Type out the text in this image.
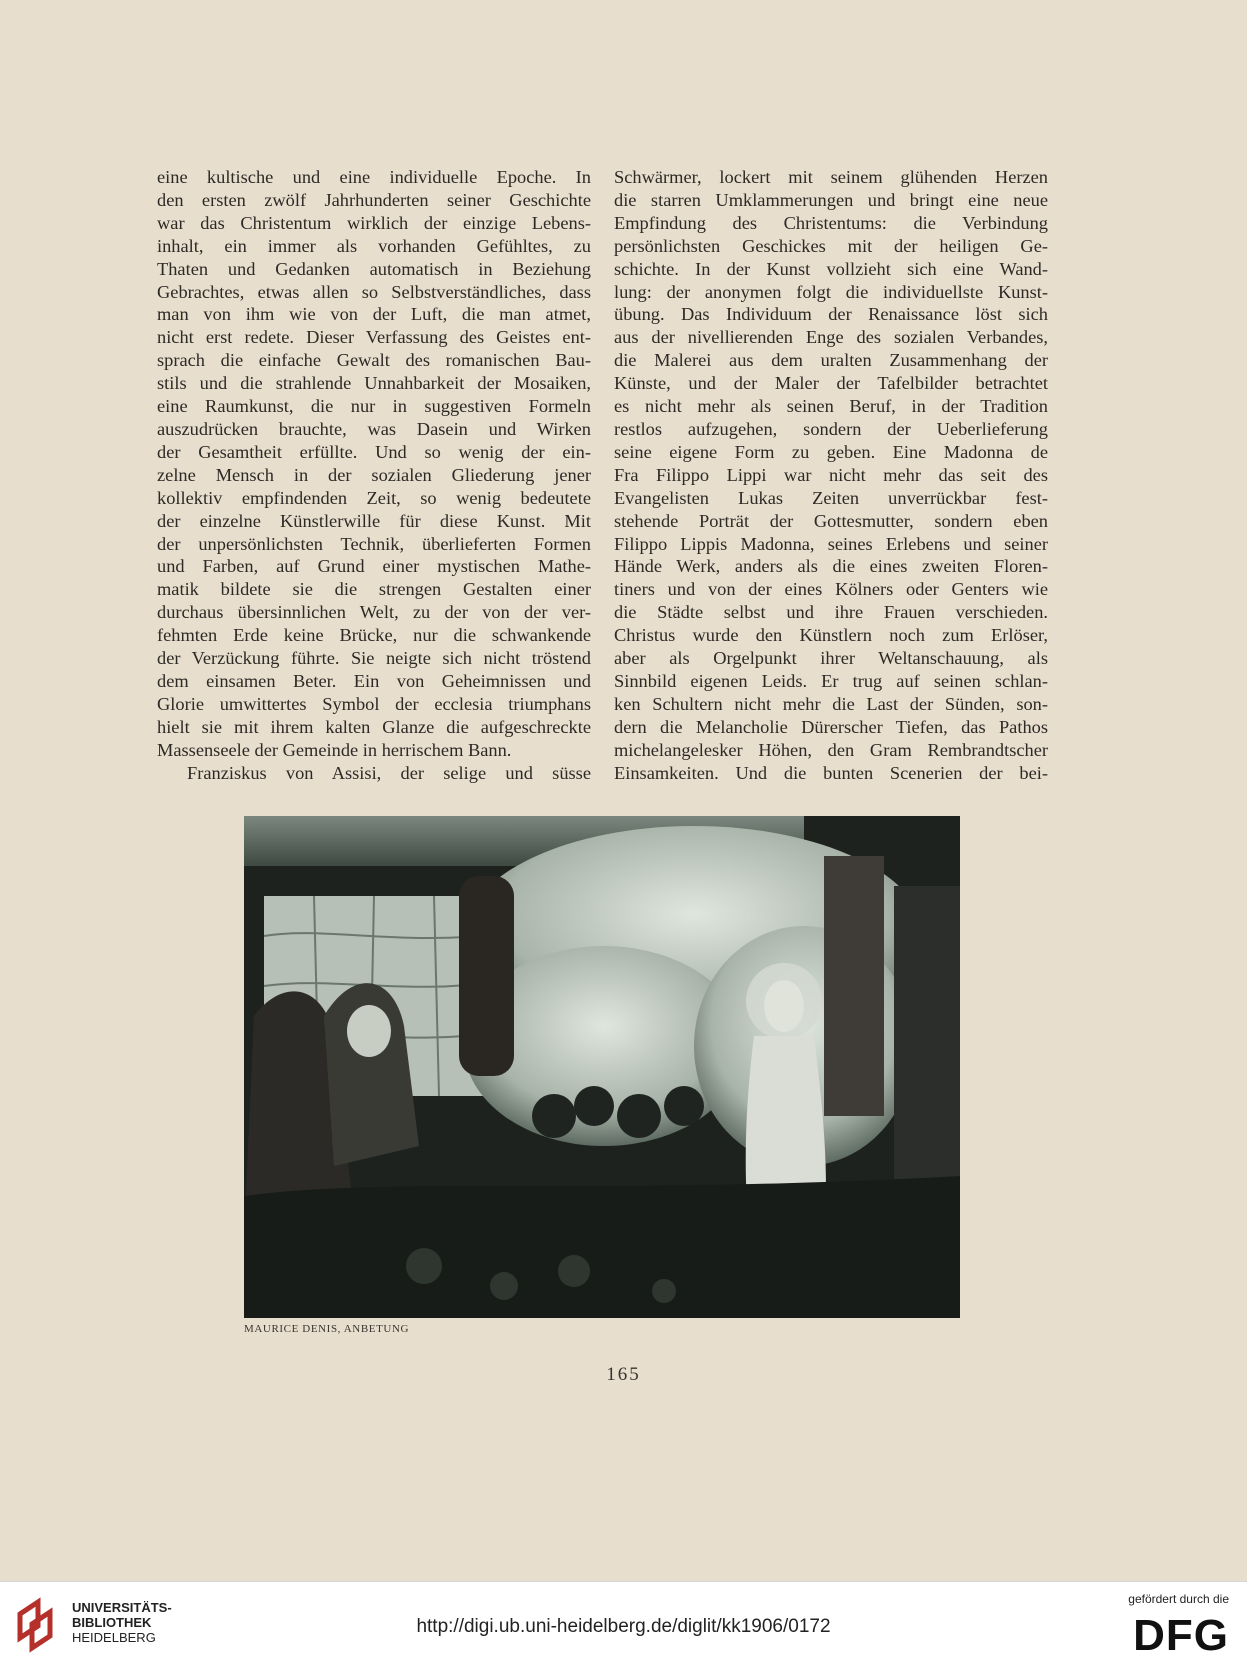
eine kultische und eine individuelle Epoche. In
den ersten zwölf Jahrhunderten seiner Geschichte
war das Christentum wirklich der einzige Lebens-
inhalt, ein immer als vorhanden Gefühltes, zu
Thaten und Gedanken automatisch in Beziehung
Gebrachtes, etwas allen so Selbstverständliches, dass
man von ihm wie von der Luft, die man atmet,
nicht erst redete. Dieser Verfassung des Geistes ent-
sprach die einfache Gewalt des romanischen Bau-
stils und die strahlende Unnahbarkeit der Mosaiken,
eine Raumkunst, die nur in suggestiven Formeln
auszudrücken brauchte, was Dasein und Wirken
der Gesamtheit erfüllte. Und so wenig der ein-
zelne Mensch in der sozialen Gliederung jener
kollektiv empfindenden Zeit, so wenig bedeutete
der einzelne Künstlerwille für diese Kunst. Mit
der unpersönlichsten Technik, überlieferten Formen
und Farben, auf Grund einer mystischen Mathe-
matik bildete sie die strengen Gestalten einer
durchaus übersinnlichen Welt, zu der von der ver-
fehmten Erde keine Brücke, nur die schwankende
der Verzückung führte. Sie neigte sich nicht tröstend
dem einsamen Beter. Ein von Geheimnissen und
Glorie umwittertes Symbol der ecclesia triumphans
hielt sie mit ihrem kalten Glanze die aufgeschreckte
Massenseele der Gemeinde in herrischem Bann.
Franziskus von Assisi, der selige und süsse
Schwärmer, lockert mit seinem glühenden Herzen
die starren Umklammerungen und bringt eine neue
Empfindung des Christentums: die Verbindung
persönlichsten Geschickes mit der heiligen Ge-
schichte. In der Kunst vollzieht sich eine Wand-
lung: der anonymen folgt die individuellste Kunst-
übung. Das Individuum der Renaissance löst sich
aus der nivellierenden Enge des sozialen Verbandes,
die Malerei aus dem uralten Zusammenhang der
Künste, und der Maler der Tafelbilder betrachtet
es nicht mehr als seinen Beruf, in der Tradition
restlos aufzugehen, sondern der Ueberlieferung
seine eigene Form zu geben. Eine Madonna de
Fra Filippo Lippi war nicht mehr das seit des
Evangelisten Lukas Zeiten unverrückbar fest-
stehende Porträt der Gottesmutter, sondern eben
Filippo Lippis Madonna, seines Erlebens und seiner
Hände Werk, anders als die eines zweiten Floren-
tiners und von der eines Kölners oder Genters wie
die Städte selbst und ihre Frauen verschieden.
Christus wurde den Künstlern noch zum Erlöser,
aber als Orgelpunkt ihrer Weltanschauung, als
Sinnbild eigenen Leids. Er trug auf seinen schlan-
ken Schultern nicht mehr die Last der Sünden, son-
dern die Melancholie Dürerscher Tiefen, das Pathos
michelangelesker Höhen, den Gram Rembrandtscher
Einsamkeiten. Und die bunten Scenerien der bei-
MAURICE DENIS, ANBETUNG
165
UNIVERSITÄTS-
BIBLIOTHEK
HEIDELBERG
http://digi.ub.uni-heidelberg.de/diglit/kk1906/0172
gefördert durch die
DFG
